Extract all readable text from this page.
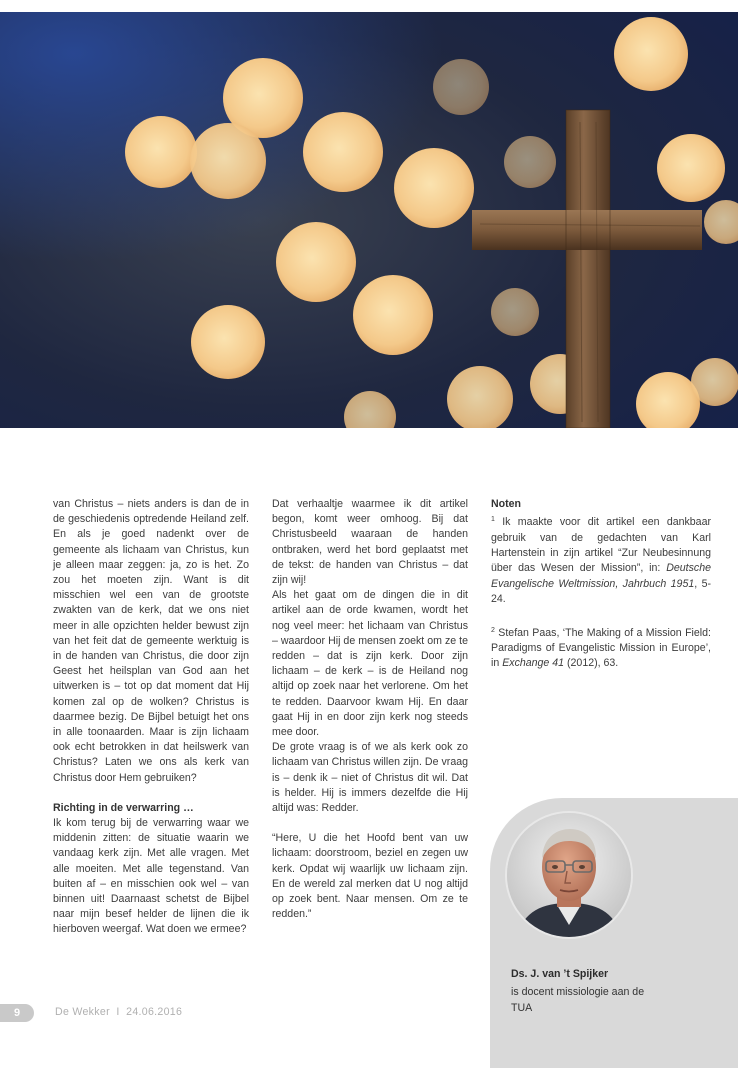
van Christus – niets anders is dan de in de geschiedenis optredende Heiland zelf. En als je goed nadenkt over de gemeente als lichaam van Christus, kun je alleen maar zeggen: ja, zo is het. Zo zou het moeten zijn. Want is dit misschien wel een van de grootste zwakten van de kerk, dat we ons niet meer in alle opzichten helder bewust zijn van het feit dat de gemeente werktuig is in de handen van Christus, die door zijn Geest het heilsplan van God aan het uitwerken is – tot op dat moment dat Hij komen zal op de wolken? Christus is daarmee bezig. De Bijbel betuigt het ons in alle toonaarden. Maar is zijn lichaam ook echt betrokken in dat heilswerk van Christus? Laten we ons als kerk van Christus door Hem gebruiken?

Richting in de verwarring …

Ik kom terug bij de verwarring waar we middenin zitten: de situatie waarin we vandaag kerk zijn. Met alle vragen. Met alle moeiten. Met alle tegenstand. Van buiten af – en misschien ook wel – van binnen uit! Daarnaast schetst de Bijbel naar mijn besef helder de lijnen die ik hierboven weergaf. Wat doen we ermee?

Dat verhaaltje waarmee ik dit artikel begon, komt weer omhoog. Bij dat Christusbeeld waaraan de handen ontbraken, werd het bord geplaatst met de tekst: de handen van Christus – dat zijn wij!

Als het gaat om de dingen die in dit artikel aan de orde kwamen, wordt het nog veel meer: het lichaam van Christus – waardoor Hij de mensen zoekt om ze te redden – dat is zijn kerk. Door zijn lichaam – de kerk – is de Heiland nog altijd op zoek naar het verlorene. Om het te redden. Daarvoor kwam Hij. En daar gaat Hij in en door zijn kerk nog steeds mee door.

De grote vraag is of we als kerk ook zo lichaam van Christus willen zijn. De vraag is – denk ik – niet of Christus dit wil. Dat is helder. Hij is immers dezelfde die Hij altijd was: Redder.

“Here, U die het Hoofd bent van uw lichaam: doorstroom, beziel en zegen uw kerk. Opdat wij waarlijk uw lichaam zijn. En de wereld zal merken dat U nog altijd op zoek bent. Naar mensen. Om ze te redden.”

Noten

$^1$ Ik maakte voor dit artikel een dankbaar gebruik van de gedachten van Karl Hartenstein in zijn artikel “Zur Neubesinnung über das Wesen der Mission”, in: Deutsche Evangelische Weltmission, Jahrbuch 1951, 5-24.

$^2$ Stefan Paas, ‘The Making of a Mission Field: Paradigms of Evangelistic Mission in Europe’, in Exchange 41 (2012), 63.

Ds. J. van ’t Spijker
is docent missiologie aan de TUA
9	De Wekker I 24.06.2016
